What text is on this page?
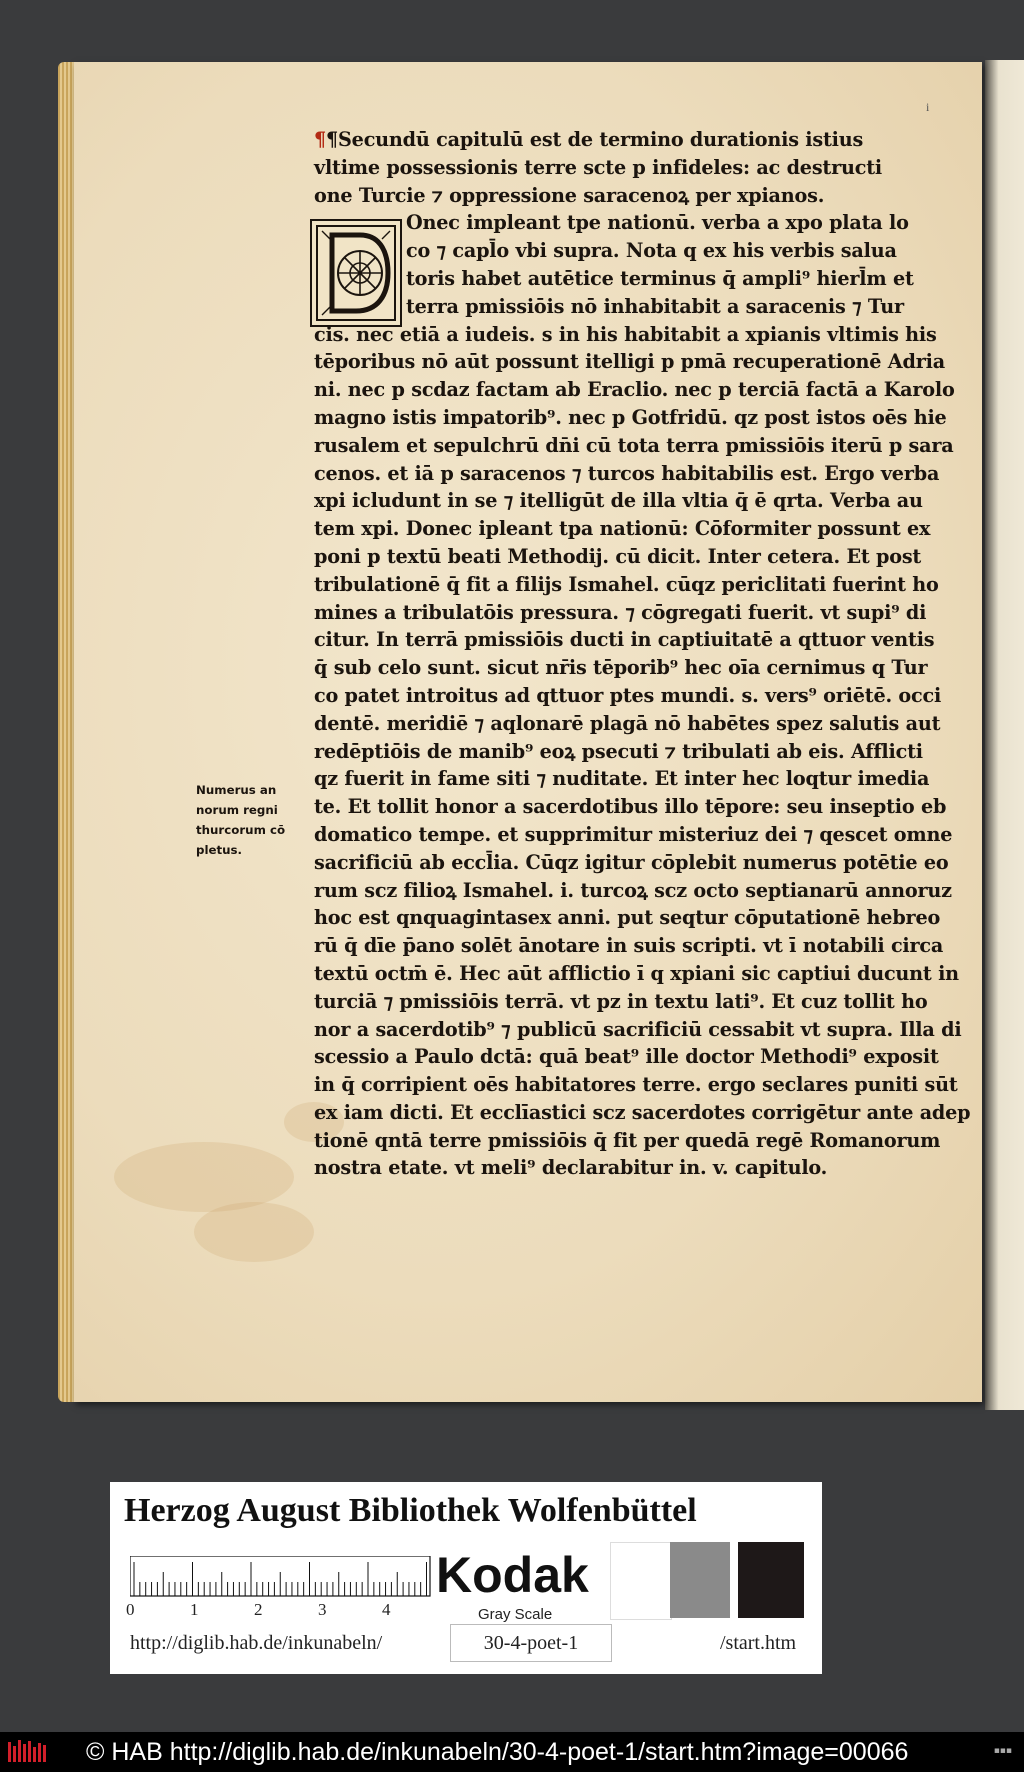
i
¶¶Secundū capitulū est de termino durationis istius
vltime possessionis terre scte p infideles: ac destructi
one Turcie ⁊ oppressione saracenoꝝ per xpianos.
Onec impleant tpe nationū. verba a xpo plata lo
co ⁊ capl̄o vbi supra. Nota q ex his verbis salua
toris habet autētice terminus q̄ ampli⁹ hierl̄m et
terra pmissiōis nō inhabitabit a saracenis ⁊ Tur
cis. nec etiā a iudeis. s in his habitabit a xpianis vltimis his
tēporibus nō aūt possunt itelligi p pmā recuperationē Adria
ni. nec p scdaz factam ab Eraclio. nec p terciā factā a Karolo
magno istis impatorib⁹. nec p Gotfridū. qz post istos oēs hie
rusalem et sepulchrū dn̄i cū tota terra pmissiōis iterū p sara
cenos. et iā p saracenos ⁊ turcos habitabilis est. Ergo verba
xpi icludunt in se ⁊ itelligūt de illa vltia q̄ ē qrta. Verba au
tem xpi. Donec ipleant tpa nationū: Cōformiter possunt ex
poni p textū beati Methodij. cū dicit. Inter cetera. Et post
tribulationē q̄ fit a filijs Ismahel. cūqz periclitati fuerint ho
mines a tribulatōis pressura. ⁊ cōgregati fuerit. vt supi⁹ di
citur. In terrā pmissiōis ducti in captiuitatē a qttuor ventis
q̄ sub celo sunt. sicut nr̄is tēporib⁹ hec oīa cernimus q Tur
co patet introitus ad qttuor ptes mundi. s. vers⁹ oriētē. occi
dentē. meridiē ⁊ aqlonarē plagā nō habētes spez salutis aut
redēptiōis de manib⁹ eoꝝ psecuti ⁊ tribulati ab eis. Afflicti
qz fuerit in fame siti ⁊ nuditate. Et inter hec loqtur imedia
te. Et tollit honor a sacerdotibus illo tēpore: seu inseptio eb
domatico tempe. et supprimitur misteriuz dei ⁊ qescet omne
sacrificiū ab eccl̄ia. Cūqz igitur cōplebit numerus potētie eo
rum scz filioꝝ Ismahel. i. turcoꝝ scz octo septianarū annoruz
hoc est qnquagintasex anni. put seqtur cōputationē hebreo
rū q̄ dīe p̄ano solēt ānotare in suis scripti. vt ī notabili circa
textū octm̄ ē. Hec aūt afflictio ī q xpiani sic captiui ducunt in
turciā ⁊ pmissiōis terrā. vt pz in textu lati⁹. Et cuz tollit ho
nor a sacerdotib⁹ ⁊ publicū sacrificiū cessabit vt supra. Illa di
scessio a Paulo dctā: quā beat⁹ ille doctor Methodi⁹ exposit
in q̄ corripient oēs habitatores terre. ergo seclares puniti sūt
ex iam dicti. Et ecclīastici scz sacerdotes corrigētur ante adep
tionē qntā terre pmissiōis q̄ fit per quedā regē Romanorum
nostra etate. vt meli⁹ declarabitur in. v. capitulo.
Numerus an
norum regni
thurcorum cō
pletus.
Herzog August Bibliothek Wolfenbüttel
0	1	2	3	4
Kodak
Gray Scale
http://diglib.hab.de/inkunabeln/	30-4-poet-1	/start.htm
© HAB http://diglib.hab.de/inkunabeln/30-4-poet-1/start.htm?image=00066	▪▪▪
